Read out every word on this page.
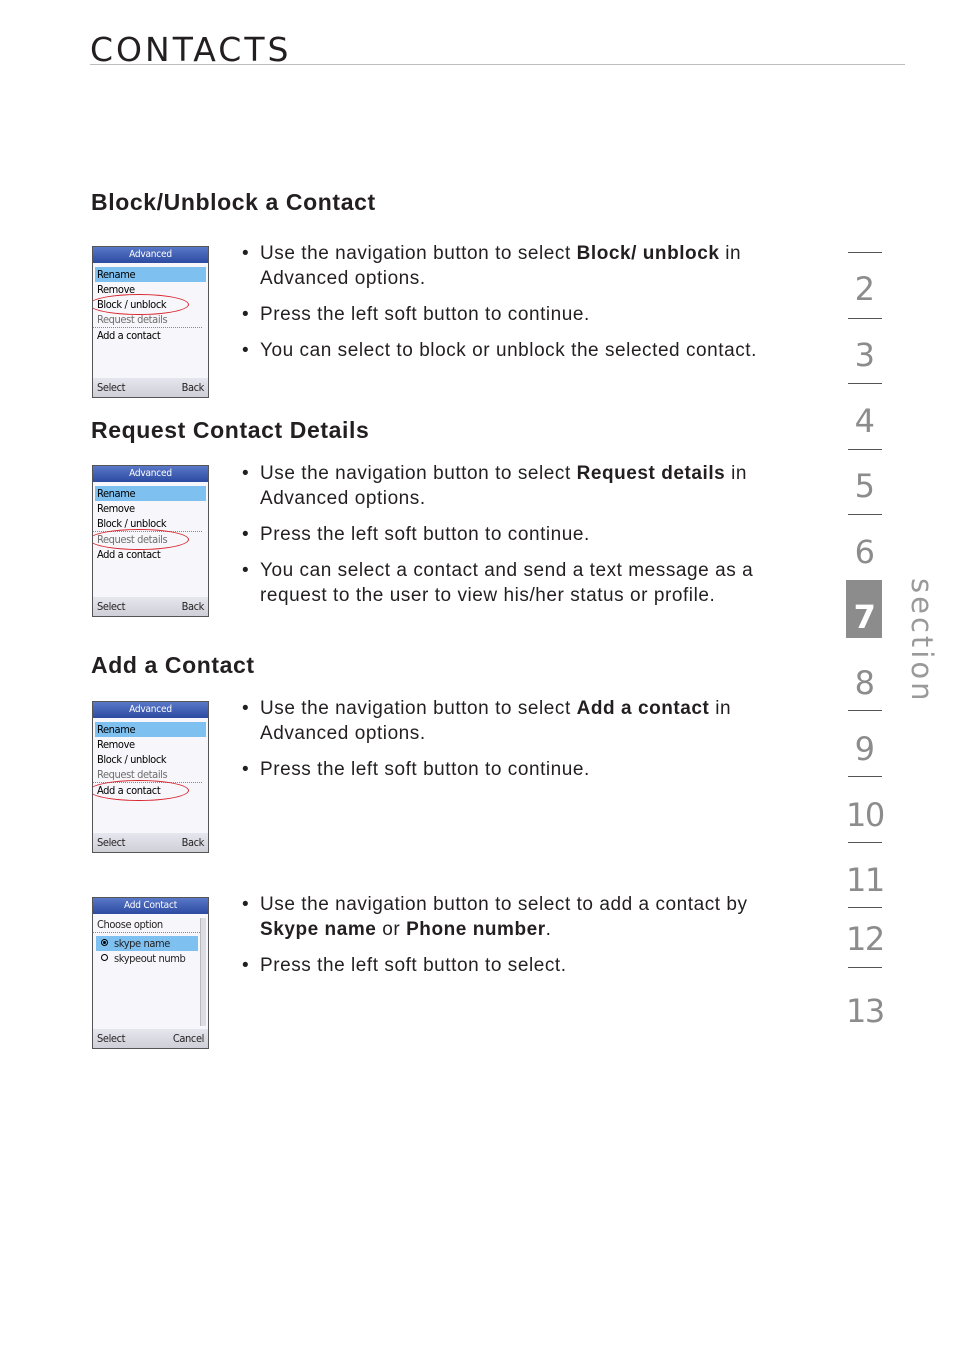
CONTACTS
Block/Unblock a Contact
Advanced
Rename
Remove
Block / unblock
Request details
Add a contact
Select	Back
• Use the navigation button to select Block/ unblock in Advanced options.
• Press the left soft button to continue.
• You can select to block or unblock the selected contact.
Request Contact Details
Advanced
Rename
Remove
Block / unblock
Request details
Add a contact
Select	Back
• Use the navigation button to select Request details in Advanced options.
• Press the left soft button to continue.
• You can select a contact and send a text message as a request to the user to view his/her status or profile.
Add a Contact
Advanced
Rename
Remove
Block / unblock
Request details
Add a contact
Select	Back
• Use the navigation button to select Add a contact in Advanced options.
• Press the left soft button to continue.
Add Contact
Choose option
skype name
skypeout numb
Select	Cancel
• Use the navigation button to select to add a contact by Skype name or Phone number.
• Press the left soft button to select.
2
3
4
5
6
7
8
9
10
11
12
13
section
